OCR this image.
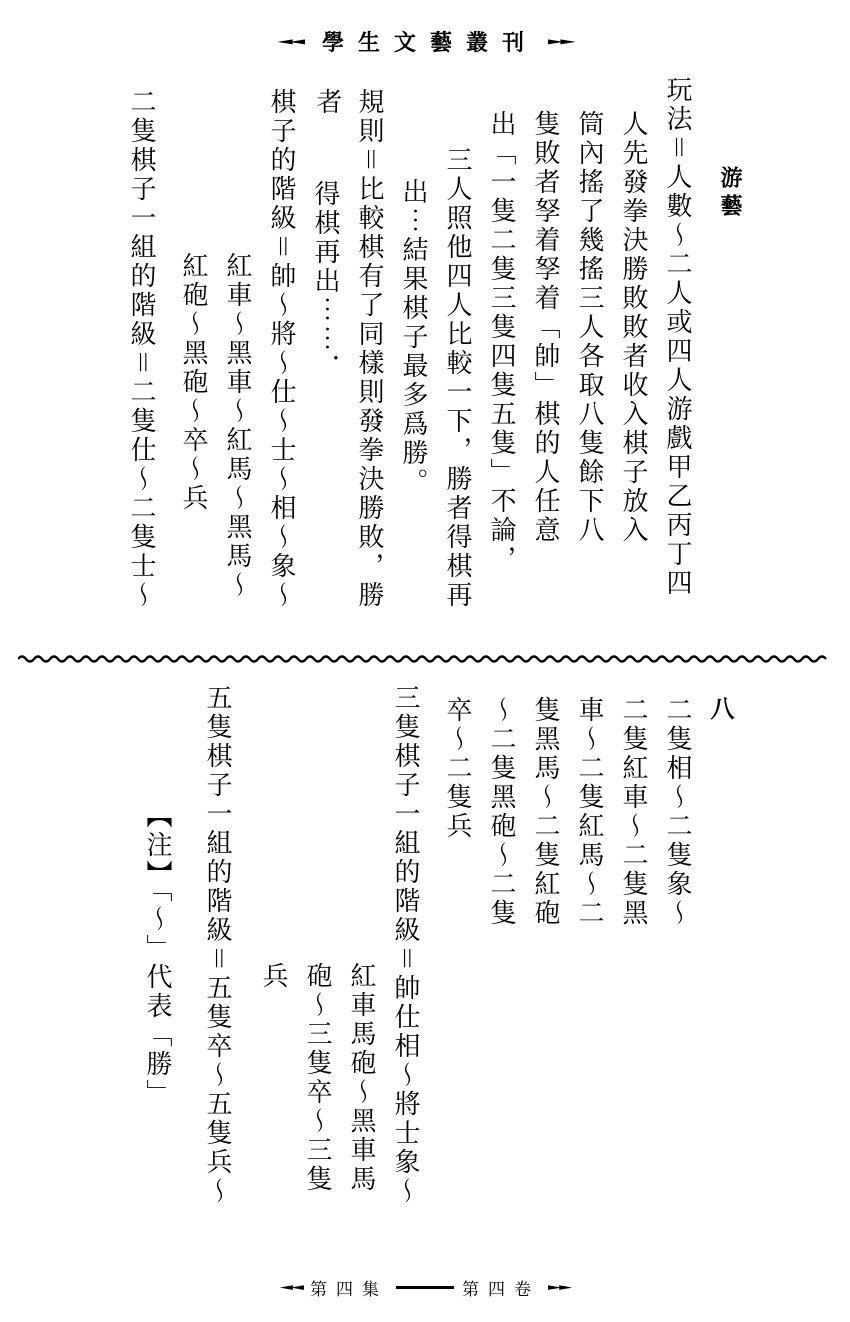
◄◄ 學生文藝叢刊 ►►
游藝
玩法＝人數～二人或四人游戲甲乙丙丁四
人先發拳決勝敗敗者收入棋子放入
筒內搖了幾搖三人各取八隻餘下八
隻敗者孥着孥着「帥」棋的人任意
出「一隻二隻三隻四隻五隻」不論，
三人照他四人比較一下，勝者得棋再
出⋯結果棋子最多爲勝。
規則＝比較棋有了同樣則發拳決勝敗，勝者
得棋再出⋯⋯．
棋子的階級＝帥～將～仕～士～相～象～
紅車～黑車～紅馬～黑馬～
紅砲～黑砲～卒～兵
二隻棋子一組的階級＝二隻仕～二隻士～
八
二隻相～二隻象～
二隻紅車～二隻黑
車～二隻紅馬～二
隻黑馬～二隻紅砲
～二隻黑砲～二隻
卒～二隻兵
三隻棋子一組的階級＝帥仕相～將士象～
紅車馬砲～黑車馬
砲～三隻卒～三隻
兵
五隻棋子一組的階級＝五隻卒～五隻兵～
【注】「～」代表「勝」
◄◄ 第四集	第四卷 ►►
